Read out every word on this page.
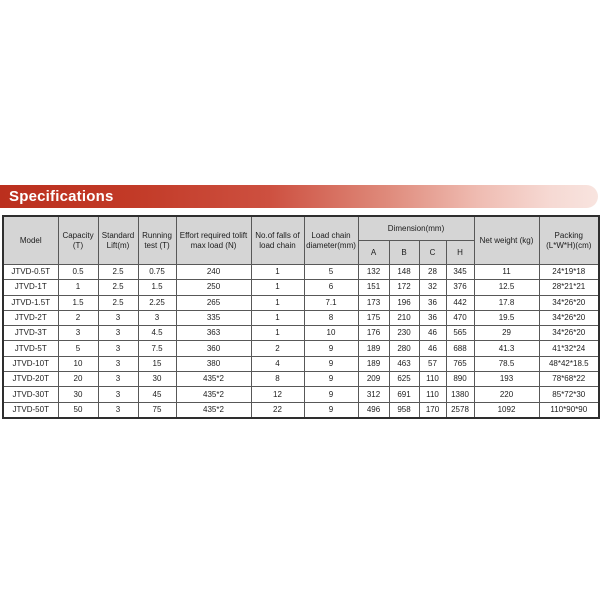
Specifications
Model	Capacity (T)	Standard Lift(m)	Running test (T)	Effort required tolift max load (N)	No.of falls of load chain	Load chain diameter(mm)	Dimension(mm)				Net weight (kg)	Packing (L*W*H)(cm)
							A	B	C	H		
JTVD-0.5T	0.5	2.5	0.75	240	1	5	132	148	28	345	11	24*19*18
JTVD-1T	1	2.5	1.5	250	1	6	151	172	32	376	12.5	28*21*21
JTVD-1.5T	1.5	2.5	2.25	265	1	7.1	173	196	36	442	17.8	34*26*20
JTVD-2T	2	3	3	335	1	8	175	210	36	470	19.5	34*26*20
JTVD-3T	3	3	4.5	363	1	10	176	230	46	565	29	34*26*20
JTVD-5T	5	3	7.5	360	2	9	189	280	46	688	41.3	41*32*24
JTVD-10T	10	3	15	380	4	9	189	463	57	765	78.5	48*42*18.5
JTVD-20T	20	3	30	435*2	8	9	209	625	110	890	193	78*68*22
JTVD-30T	30	3	45	435*2	12	9	312	691	110	1380	220	85*72*30
JTVD-50T	50	3	75	435*2	22	9	496	958	170	2578	1092	110*90*90
